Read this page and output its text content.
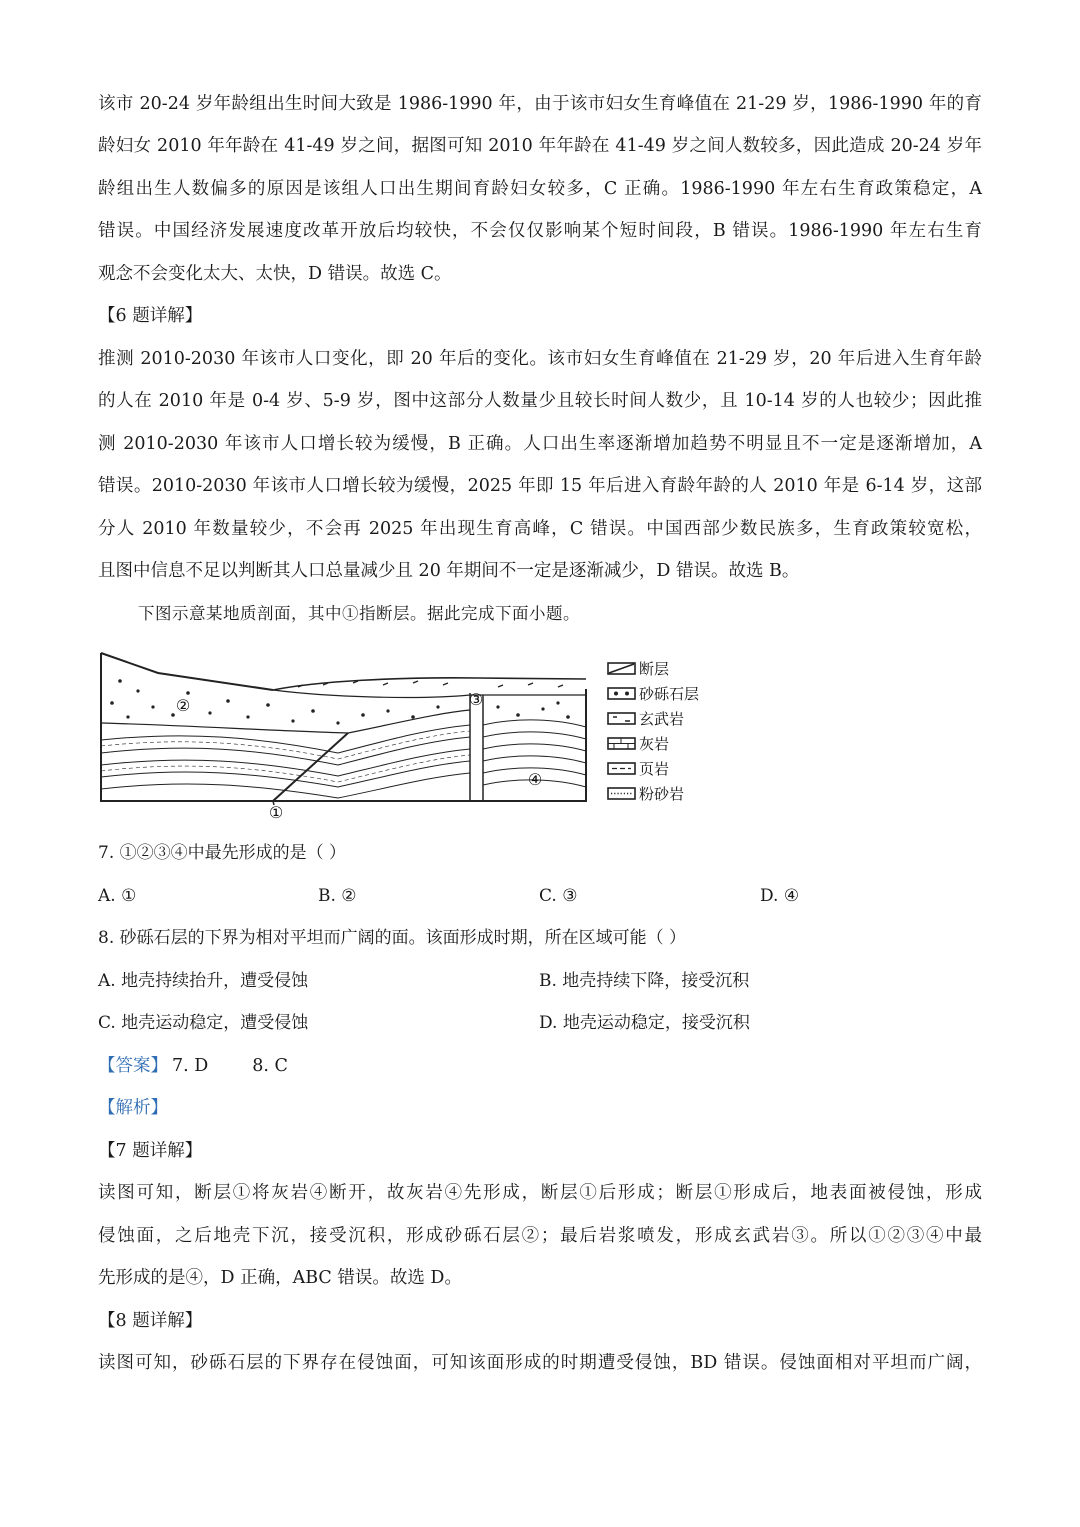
该市 20-24 岁年龄组出生时间大致是 1986-1990 年，由于该市妇女生育峰值在 21-29 岁，1986-1990 年的育
龄妇女 2010 年年龄在 41-49 岁之间，据图可知 2010 年年龄在 41-49 岁之间人数较多，因此造成 20-24 岁年
龄组出生人数偏多的原因是该组人口出生期间育龄妇女较多，C 正确。1986-1990 年左右生育政策稳定，A
错误。中国经济发展速度改革开放后均较快，不会仅仅影响某个短时间段，B 错误。1986-1990 年左右生育
观念不会变化太大、太快，D 错误。故选 C。
【6 题详解】
推测 2010-2030 年该市人口变化，即 20 年后的变化。该市妇女生育峰值在 21-29 岁，20 年后进入生育年龄
的人在 2010 年是 0-4 岁、5-9 岁，图中这部分人数量少且较长时间人数少，且 10-14 岁的人也较少；因此推
测 2010-2030 年该市人口增长较为缓慢，B 正确。人口出生率逐渐增加趋势不明显且不一定是逐渐增加，A
错误。2010-2030 年该市人口增长较为缓慢，2025 年即 15 年后进入育龄年龄的人 2010 年是 6-14 岁，这部
分人 2010 年数量较少，不会再 2025 年出现生育高峰，C 错误。中国西部少数民族多，生育政策较宽松，
且图中信息不足以判断其人口总量减少且 20 年期间不一定是逐渐减少，D 错误。故选 B。
下图示意某地质剖面，其中①指断层。据此完成下面小题。
②	③
④
①
断层
砂砾石层
玄武岩
灰岩
页岩
粉砂岩
7. ①②③④中最先形成的是（ ）
A. ①	B. ②	C. ③	D. ④
8. 砂砾石层的下界为相对平坦而广阔的面。该面形成时期，所在区域可能（ ）
A. 地壳持续抬升，遭受侵蚀	B. 地壳持续下降，接受沉积
C. 地壳运动稳定，遭受侵蚀	D. 地壳运动稳定，接受沉积
【答案】 7. D	8. C
【解析】
【7 题详解】
读图可知，断层①将灰岩④断开，故灰岩④先形成，断层①后形成；断层①形成后，地表面被侵蚀，形成
侵蚀面，之后地壳下沉，接受沉积，形成砂砾石层②；最后岩浆喷发，形成玄武岩③。所以①②③④中最
先形成的是④，D 正确，ABC 错误。故选 D。
【8 题详解】
读图可知，砂砾石层的下界存在侵蚀面，可知该面形成的时期遭受侵蚀，BD 错误。侵蚀面相对平坦而广阔，
